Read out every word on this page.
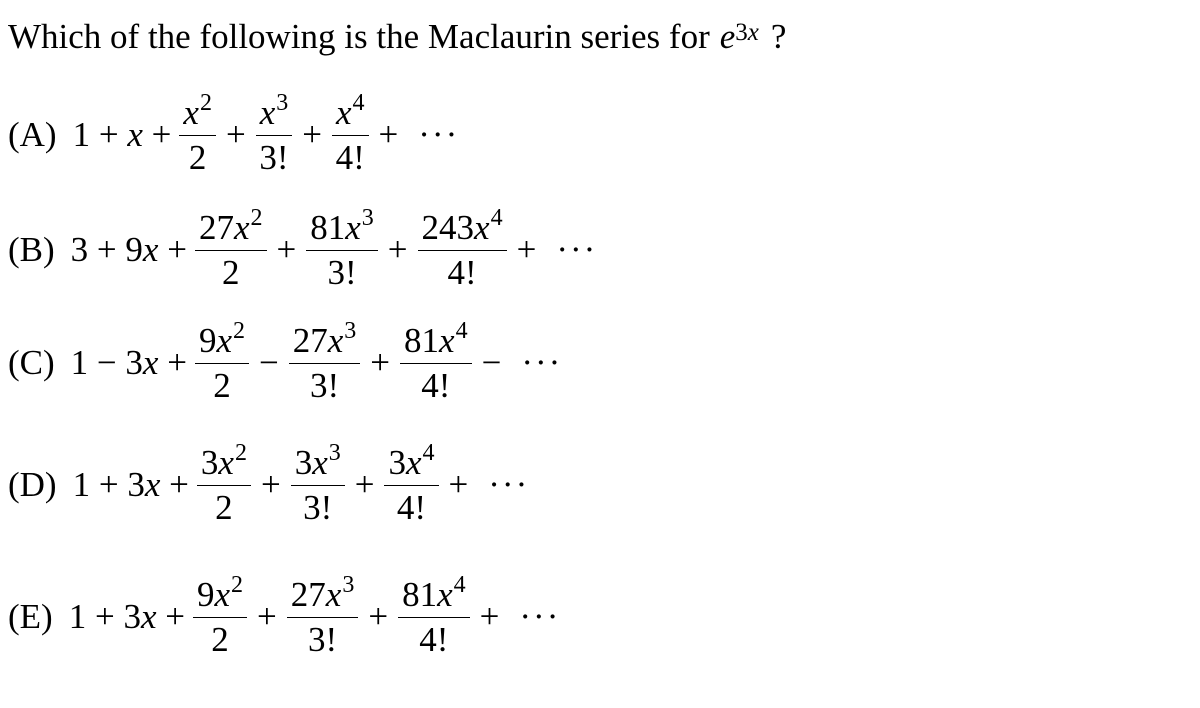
Which of the following is the Maclaurin series for $e^{3x}$ ?
(A) $1 + x + \frac{x^2}{2} + \frac{x^3}{3!} + \frac{x^4}{4!}$ + ···
(B) $3 + 9x + \frac{27x^2}{2} + \frac{81x^3}{3!} + \frac{243x^4}{4!}$ + ···
(C) $1 - 3x + \frac{9x^2}{2} - \frac{27x^3}{3!} + \frac{81x^4}{4!}$ − ···
(D) $1 + 3x + \frac{3x^2}{2} + \frac{3x^3}{3!} + \frac{3x^4}{4!}$ + ···
(E) $1 + 3x + \frac{9x^2}{2} + \frac{27x^3}{3!} + \frac{81x^4}{4!}$ + ···
